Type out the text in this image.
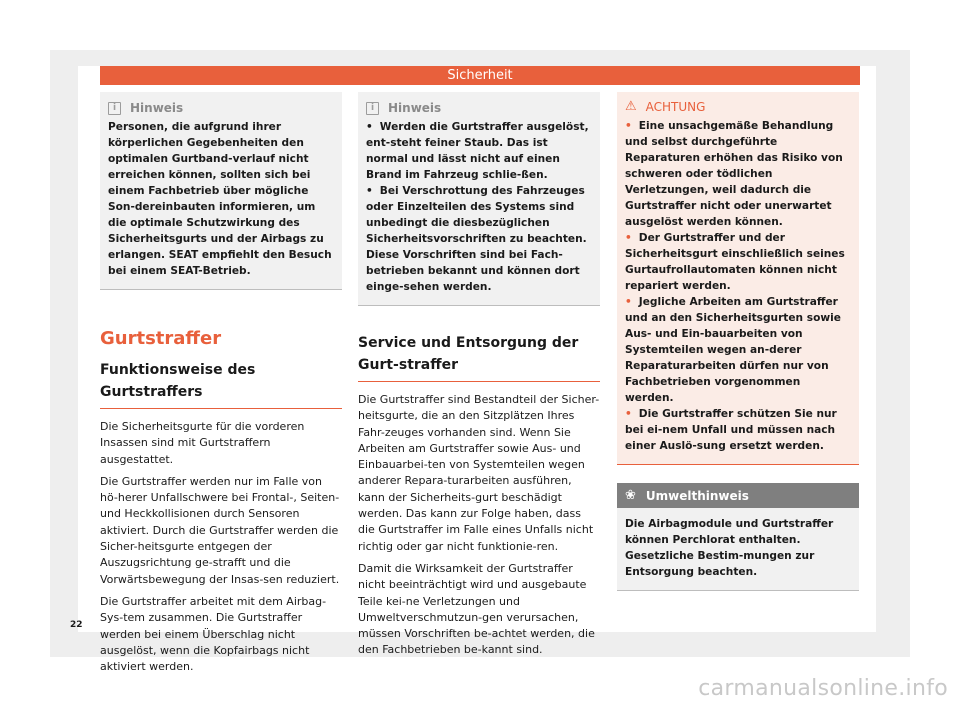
Sicherheit
i	Hinweis

Personen, die aufgrund ihrer körperlichen Gegebenheiten den optimalen Gurtband-verlauf nicht erreichen können, sollten sich bei einem Fachbetrieb über mögliche Son-dereinbauten informieren, um die optimale Schutzwirkung des Sicherheitsgurts und der Airbags zu erlangen. SEAT empfiehlt den Besuch bei einem SEAT-Betrieb.

Gurtstraffer
Funktionsweise des Gurtstraffers

Die Sicherheitsgurte für die vorderen Insassen sind mit Gurtstraffern ausgestattet.

Die Gurtstraffer werden nur im Falle von hö-herer Unfallschwere bei Frontal-, Seiten- und Heckkollisionen durch Sensoren aktiviert. Durch die Gurtstraffer werden die Sicher-heitsgurte entgegen der Auszugsrichtung ge-strafft und die Vorwärtsbewegung der Insas-sen reduziert.

Die Gurtstraffer arbeitet mit dem Airbag-Sys-tem zusammen. Die Gurtstraffer werden bei einem Überschlag nicht ausgelöst, wenn die Kopfairbags nicht aktiviert werden.

i	Hinweis

• Werden die Gurtstraffer ausgelöst, ent-steht feiner Staub. Das ist normal und lässt nicht auf einen Brand im Fahrzeug schlie-ßen.

• Bei Verschrottung des Fahrzeuges oder Einzelteilen des Systems sind unbedingt die diesbezüglichen Sicherheitsvorschriften zu beachten. Diese Vorschriften sind bei Fach-betrieben bekannt und können dort einge-sehen werden.

Service und Entsorgung der Gurt-straffer

Die Gurtstraffer sind Bestandteil der Sicher-heitsgurte, die an den Sitzplätzen Ihres Fahr-zeuges vorhanden sind. Wenn Sie Arbeiten am Gurtstraffer sowie Aus- und Einbauarbei-ten von Systemteilen wegen anderer Repara-turarbeiten ausführen, kann der Sicherheits-gurt beschädigt werden. Das kann zur Folge haben, dass die Gurtstraffer im Falle eines Unfalls nicht richtig oder gar nicht funktionie-ren.

Damit die Wirksamkeit der Gurtstraffer nicht beeinträchtigt wird und ausgebaute Teile kei-ne Verletzungen und Umweltverschmutzun-gen verursachen, müssen Vorschriften be-achtet werden, die den Fachbetrieben be-kannt sind.

⚠ ACHTUNG

• Eine unsachgemäße Behandlung und selbst durchgeführte Reparaturen erhöhen das Risiko von schweren oder tödlichen Verletzungen, weil dadurch die Gurtstraffer nicht oder unerwartet ausgelöst werden können.

• Der Gurtstraffer und der Sicherheitsgurt einschließlich seines Gurtaufrollautomaten können nicht repariert werden.

• Jegliche Arbeiten am Gurtstraffer und an den Sicherheitsgurten sowie Aus- und Ein-bauarbeiten von Systemteilen wegen an-derer Reparaturarbeiten dürfen nur von Fachbetrieben vorgenommen werden.

• Die Gurtstraffer schützen Sie nur bei ei-nem Unfall und müssen nach einer Auslö-sung ersetzt werden.

❀ Umwelthinweis

Die Airbagmodule und Gurtstraffer können Perchlorat enthalten. Gesetzliche Bestim-mungen zur Entsorgung beachten.

22
carmanualsonline.info
